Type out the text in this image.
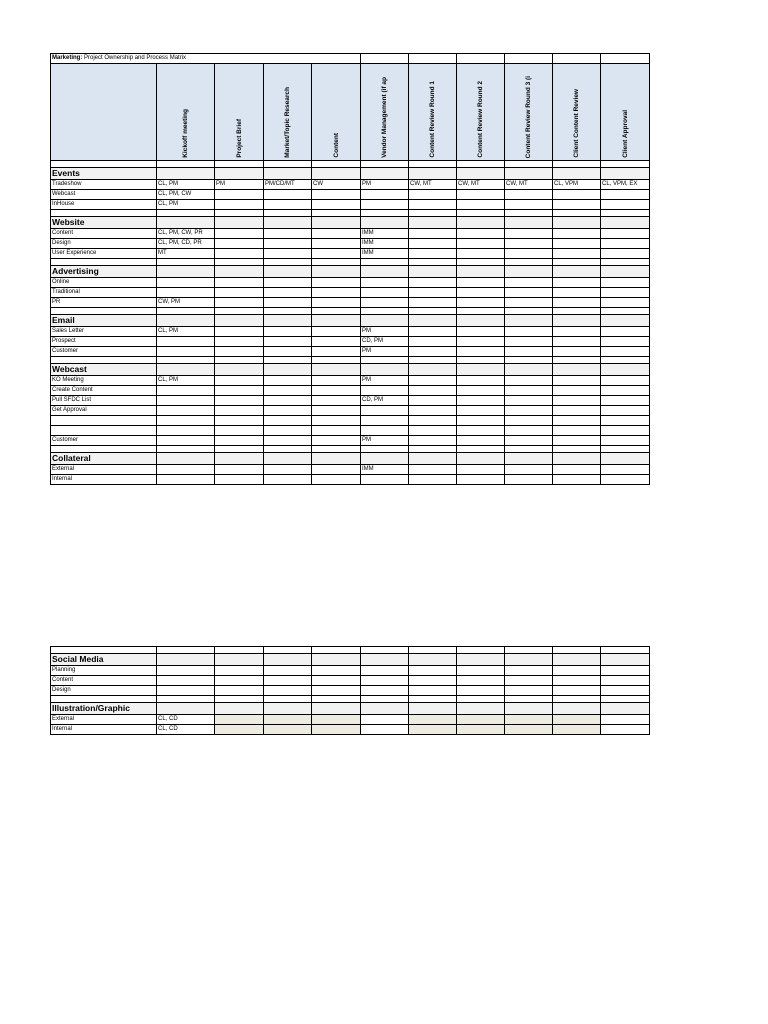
Marketing: Project Ownership and Process Matrix										

	Kickoff meeting	Project Brief	Market/Topic Research	Content	Vendor Management (if ap	Content Review Round 1	Content Review Round 2	Content Review Round 3 (i	Client Content Review	Client Approval

Events										
Tradeshow	CL, PM	PM	PM/CD/MT	CW	PM	CW, MT	CW, MT	CW, MT	CL, VPM	CL, VPM, EX
Webcast	CL, PM, CW									
InHouse	CL, PM									

Website										
Content	CL, PM, CW, PR				IMM					
Design	CL, PM, CD, PR				IMM					
User Experience	MT				IMM					

Advertising										
Online										
Traditional										
PR	CW, PM									

Email										
Sales Letter	CL, PM				PM					
Prospect					CD, PM					
Customer					PM					

Webcast										
KO Meeting	CL, PM				PM					
Create Content										
Pull SFDC List					CD, PM					
Get Approval										

Customer					PM					

Collateral										
External					IMM					
Internal										

Social Media										
Planning										
Content										
Design										

Illustration/Graphic										
External	CL, CD									
Internal	CL, CD									
